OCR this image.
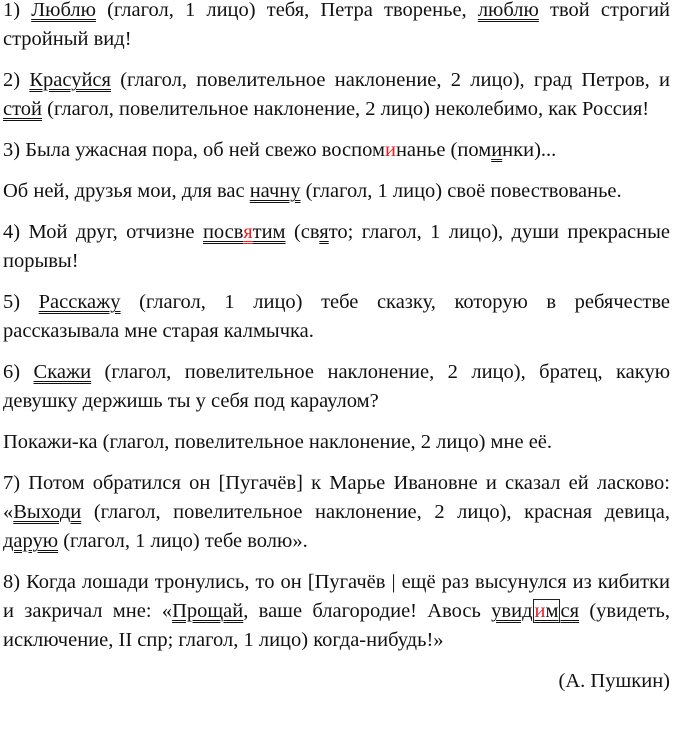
1) Люблю (глагол, 1 лицо) тебя, Петра творенье, люблю твой строгий стройный вид!

2) Красуйся (глагол, повелительное наклонение, 2 лицо), град Петров, и стой (глагол, повелительное наклонение, 2 лицо) неколебимо, как Россия!

3) Была ужасная пора, об ней свежо воспоминанье (поминки)...

Об ней, друзья мои, для вас начну (глагол, 1 лицо) своё повествованье.

4) Мой друг, отчизне посвятим (свято; глагол, 1 лицо), души прекрасные порывы!

5) Расскажу (глагол, 1 лицо) тебе сказку, которую в ребячестве рассказывала мне старая калмычка.

6) Скажи (глагол, повелительное наклонение, 2 лицо), братец, какую девушку держишь ты у себя под караулом?

Покажи-ка (глагол, повелительное наклонение, 2 лицо) мне её.

7) Потом обратился он [Пугачёв] к Марье Ивановне и сказал ей ласково: «Выходи (глагол, повелительное наклонение, 2 лицо), красная девица, дарую (глагол, 1 лицо) тебе волю».

8) Когда лошади тронулись, то он [Пугачёв | ещё раз высунулся из кибитки и закричал мне: «Прощай, ваше благородие! Авось увидимся (увидеть, исключение, II спр; глагол, 1 лицо) когда-нибудь!»

(А. Пушкин)
